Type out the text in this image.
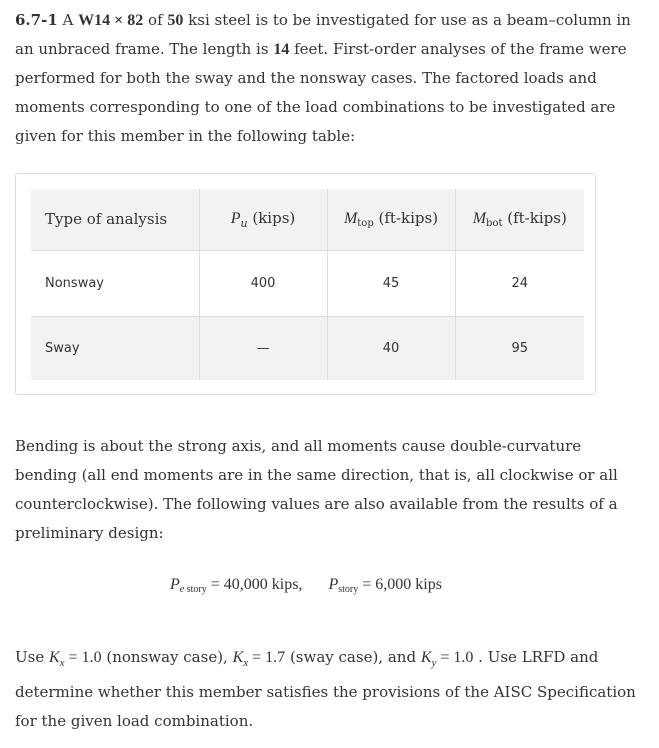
6.7-1 A W14 × 82 of 50 ksi steel is to be investigated for use as a beam–column in an unbraced frame. The length is 14 feet. First-order analyses of the frame were performed for both the sway and the nonsway cases. The factored loads and moments corresponding to one of the load combinations to be investigated are given for this member in the following table:

Type of analysis	$P_u$ (kips)	$M_{top}$ (ft-kips)	$M_{bot}$ (ft-kips)
Nonsway	400	45	24
Sway	—	40	95

Bending is about the strong axis, and all moments cause double-curvature bending (all end moments are in the same direction, that is, all clockwise or all counterclockwise). The following values are also available from the results of a preliminary design:

$P_{e story} = 40,000$ kips, $P_{story} = 6,000$ kips

Use $K_x = 1.0$ (nonsway case), $K_x = 1.7$ (sway case), and $K_y = 1.0$ . Use LRFD and determine whether this member satisfies the provisions of the AISC Specification for the given load combination.
